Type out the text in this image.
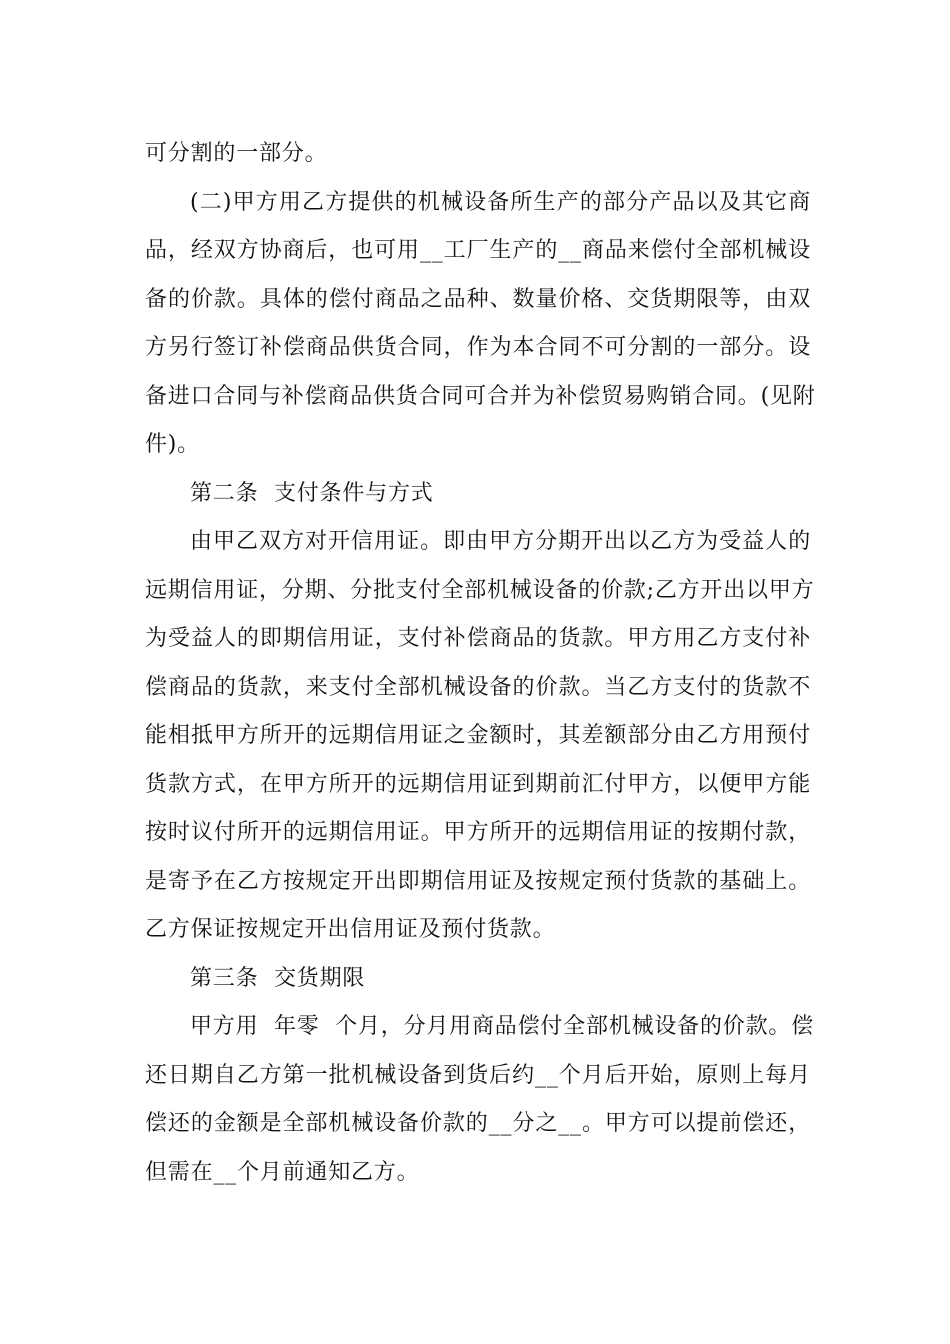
可分割的一部分。
(二)甲方用乙方提供的机械设备所生产的部分产品以及其它商
品，经双方协商后，也可用__工厂生产的__商品来偿付全部机械设
备的价款。具体的偿付商品之品种、数量价格、交货期限等，由双
方另行签订补偿商品供货合同，作为本合同不可分割的一部分。设
备进口合同与补偿商品供货合同可合并为补偿贸易购销合同。(见附
件)。
第二条  支付条件与方式
由甲乙双方对开信用证。即由甲方分期开出以乙方为受益人的
远期信用证，分期、分批支付全部机械设备的价款;乙方开出以甲方
为受益人的即期信用证，支付补偿商品的货款。甲方用乙方支付补
偿商品的货款，来支付全部机械设备的价款。当乙方支付的货款不
能相抵甲方所开的远期信用证之金额时，其差额部分由乙方用预付
货款方式，在甲方所开的远期信用证到期前汇付甲方，以便甲方能
按时议付所开的远期信用证。甲方所开的远期信用证的按期付款，
是寄予在乙方按规定开出即期信用证及按规定预付货款的基础上。
乙方保证按规定开出信用证及预付货款。
第三条  交货期限
甲方用  年零  个月，分月用商品偿付全部机械设备的价款。偿
还日期自乙方第一批机械设备到货后约__个月后开始，原则上每月
偿还的金额是全部机械设备价款的__分之__。甲方可以提前偿还，
但需在__个月前通知乙方。
